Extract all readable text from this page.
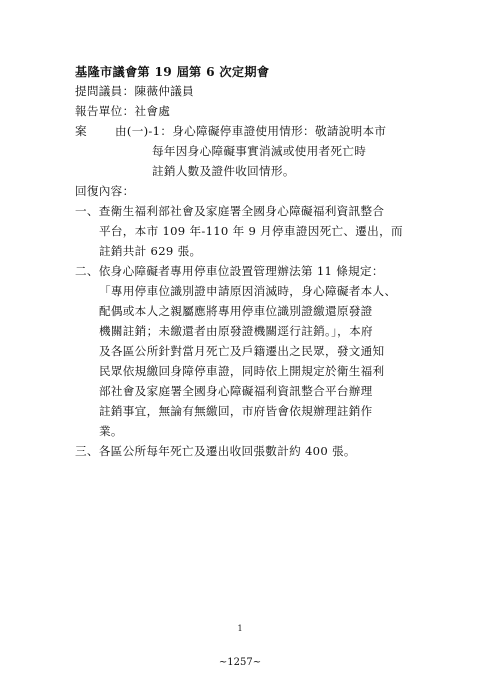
基隆市議會第 19 屆第 6 次定期會
提問議員：陳薇仲議員
報告單位：社會處
案 由(一)-1：身心障礙停車證使用情形：敬請說明本市
每年因身心障礙事實消滅或使用者死亡時
註銷人數及證件收回情形。
回復內容：
一、查衛生福利部社會及家庭署全國身心障礙福利資訊整合
平台，本市 109 年-110 年 9 月停車證因死亡、遷出，而
註銷共計 629 張。
二、依身心障礙者專用停車位設置管理辦法第 11 條規定：
「專用停車位識別證申請原因消滅時，身心障礙者本人、
配偶或本人之親屬應將專用停車位識別證繳還原發證
機關註銷；未繳還者由原發證機關逕行註銷。」，本府
及各區公所針對當月死亡及戶籍遷出之民眾，發文通知
民眾依規繳回身障停車證，同時依上開規定於衛生福利
部社會及家庭署全國身心障礙福利資訊整合平台辦理
註銷事宜，無論有無繳回，市府皆會依規辦理註銷作
業。
三、各區公所每年死亡及遷出收回張數計約 400 張。
1
~1257~
